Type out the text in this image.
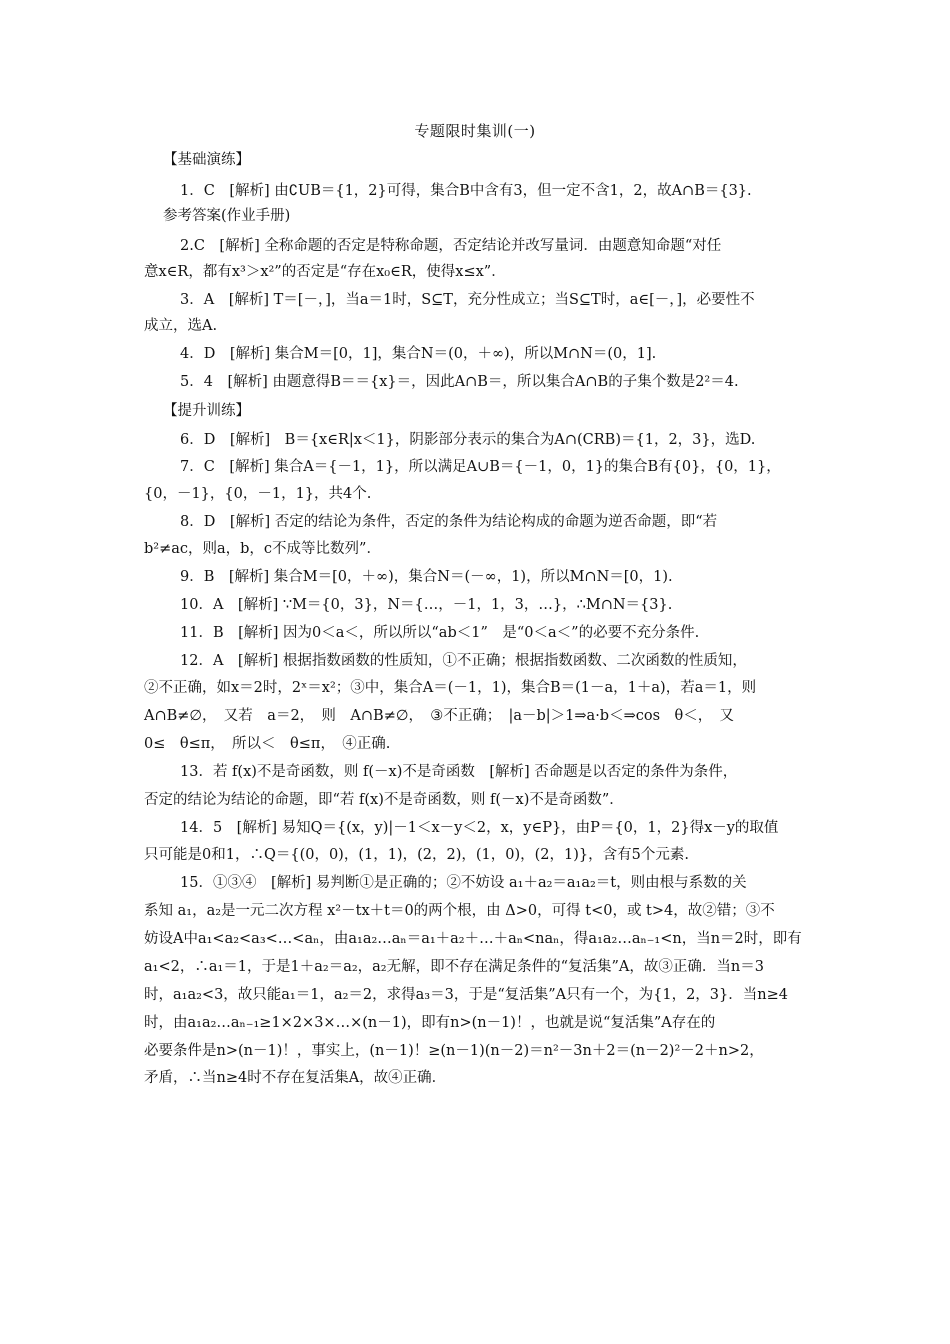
专题限时集训(一)
【基础演练】
1．C　[解析] 由∁UB＝{1，2}可得，集合B中含有3，但一定不含1，2，故A∩B＝{3}.
参考答案(作业手册)
2.C　[解析] 全称命题的否定是特称命题，否定结论并改写量词．由题意知命题“对任
意x∈R，都有x³＞x²”的否定是“存在x₀∈R，使得x≤x”．
3．A　[解析] T＝[－，]，当a＝1时，S⊆T，充分性成立；当S⊆T时，a∈[－，]，必要性不
成立，选A.
4．D　[解析] 集合M＝[0，1]，集合N＝(0，＋∞)，所以M∩N＝(0，1].
5．4　[解析] 由题意得B＝＝{x}＝，因此A∩B＝，所以集合A∩B的子集个数是2²＝4.
【提升训练】
6．D　[解析]　B＝{x∈R|x＜1}，阴影部分表示的集合为A∩(CRB)＝{1，2，3}，选D.
7．C　[解析] 集合A＝{－1，1}，所以满足A∪B＝{－1，0，1}的集合B有{0}，{0，1}，
{0，－1}，{0，－1，1}，共4个.
8．D　[解析] 否定的结论为条件，否定的条件为结论构成的命题为逆否命题，即“若
b²≠ac，则a，b，c不成等比数列”．
9．B　[解析] 集合M＝[0，＋∞)，集合N＝(－∞，1)，所以M∩N＝[0，1).
10．A　[解析] ∵M＝{0，3}，N＝{…，－1，1，3，…}，∴M∩N＝{3}.
11．B　[解析] 因为0＜a＜，所以所以“ab＜1”　是“0＜a＜”的必要不充分条件.
12．A　[解析] 根据指数函数的性质知，①不正确；根据指数函数、二次函数的性质知，
②不正确，如x＝2时，2ˣ＝x²；③中，集合A＝(－1，1)，集合B＝(1－a，1＋a)，若a＝1，则
A∩B≠∅，　又若　a＝2，　则　A∩B≠∅，　③不正确；　|a－b|＞1⇒a·b＜⇒cos　θ＜，　又
0≤　θ≤π，　所以＜　θ≤π，　④正确.
13．若 f(x)不是奇函数，则 f(－x)不是奇函数　[解析] 否命题是以否定的条件为条件，
否定的结论为结论的命题，即“若 f(x)不是奇函数，则 f(－x)不是奇函数”．
14．5　[解析] 易知Q＝{(x，y)|－1＜x－y＜2，x，y∈P}，由P＝{0，1，2}得x－y的取值
只可能是0和1，∴Q＝{(0，0)，(1，1)，(2，2)，(1，0)，(2，1)}，含有5个元素.
15．①③④　[解析] 易判断①是正确的；②不妨设 a₁＋a₂＝a₁a₂＝t，则由根与系数的关
系知 a₁，a₂是一元二次方程 x²－tx＋t＝0的两个根，由 Δ>0，可得 t<0，或 t>4，故②错；③不
妨设A中a₁<a₂<a₃<…<aₙ，由a₁a₂…aₙ＝a₁＋a₂＋…＋aₙ<naₙ，得a₁a₂…aₙ₋₁<n，当n＝2时，即有
a₁<2，∴a₁＝1，于是1＋a₂＝a₂，a₂无解，即不存在满足条件的“复活集”A，故③正确．当n＝3
时，a₁a₂<3，故只能a₁＝1，a₂＝2，求得a₃＝3，于是“复活集”A只有一个，为{1，2，3}．当n≥4
时，由a₁a₂…aₙ₋₁≥1×2×3×…×(n－1)，即有n>(n－1)！，也就是说“复活集”A存在的
必要条件是n>(n－1)！，事实上，(n－1)！≥(n－1)(n－2)＝n²－3n＋2＝(n－2)²－2＋n>2，
矛盾，∴当n≥4时不存在复活集A，故④正确．
